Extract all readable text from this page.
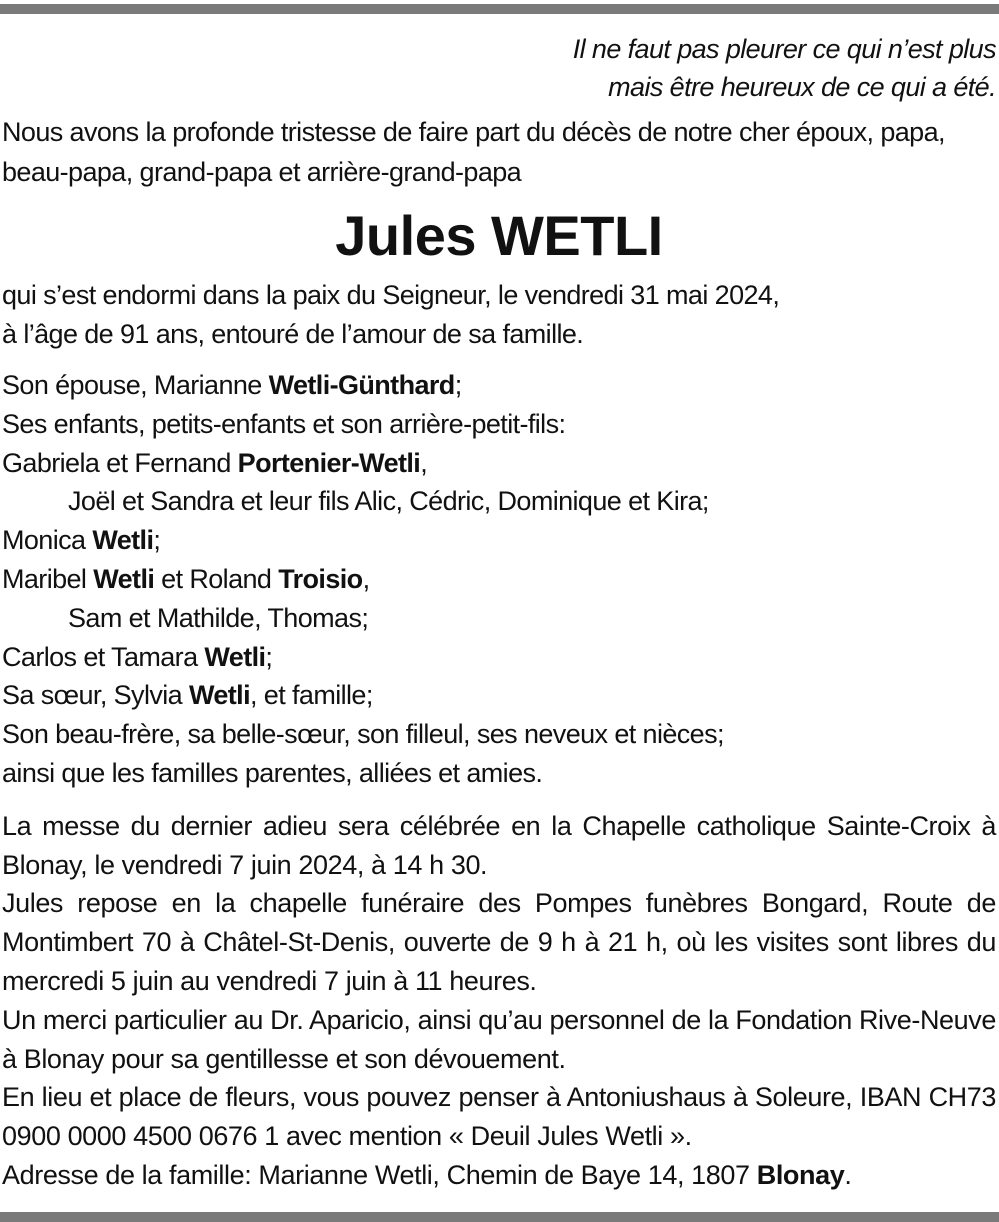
Il ne faut pas pleurer ce qui n’est plus
mais être heureux de ce qui a été.

Nous avons la profonde tristesse de faire part du décès de notre cher époux, papa, beau-papa, grand-papa et arrière-grand-papa

Jules WETLI
qui s’est endormi dans la paix du Seigneur, le vendredi 31 mai 2024,
à l’âge de 91 ans, entouré de l’amour de sa famille.
Son épouse, Marianne Wetli-Günthard;
Ses enfants, petits-enfants et son arrière-petit-fils:
Gabriela et Fernand Portenier-Wetli,
Joël et Sandra et leur fils Alic, Cédric, Dominique et Kira;
Monica Wetli;
Maribel Wetli et Roland Troisio,
Sam et Mathilde, Thomas;
Carlos et Tamara Wetli;
Sa sœur, Sylvia Wetli, et famille;
Son beau-frère, sa belle-sœur, son filleul, ses neveux et nièces;
ainsi que les familles parentes, alliées et amies.

La messe du dernier adieu sera célébrée en la Chapelle catholique Sainte-Croix à Blonay, le vendredi 7 juin 2024, à 14 h 30.

Jules repose en la chapelle funéraire des Pompes funèbres Bongard, Route de Montimbert 70 à Châtel-St-Denis, ouverte de 9 h à 21 h, où les visites sont libres du mercredi 5 juin au vendredi 7 juin à 11 heures.

Un merci particulier au Dr. Aparicio, ainsi qu’au personnel de la Fondation Rive-Neuve à Blonay pour sa gentillesse et son dévouement.

En lieu et place de fleurs, vous pouvez penser à Antoniushaus à Soleure, IBAN CH73 0900 0000 4500 0676 1 avec mention « Deuil Jules Wetli ».

Adresse de la famille: Marianne Wetli, Chemin de Baye 14, 1807 Blonay.
